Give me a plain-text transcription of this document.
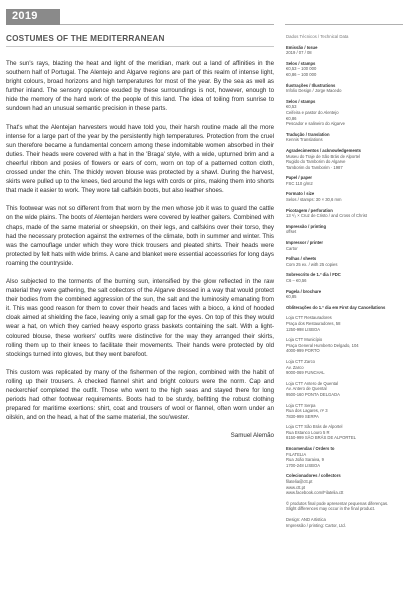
2019
COSTUMES OF THE MEDITERRANEAN

The sun's rays, blazing the heat and light of the meridian, mark out a land of affinities in the southern half of Portugal. The Alentejo and Algarve regions are part of this realm of intense light, bright colours, broad horizons and high temperatures for most of the year. By the sea as well as further inland. The sensory opulence exuded by these surroundings is not, however, enough to hide the memory of the hard work of the people of this land. The idea of toiling from sunrise to sundown had an unusual semantic precision in these parts.

That's what the Alentejan harvesters would have told you, their harsh routine made all the more intense for a large part of the year by the persistently high temperatures. Protection from the cruel sun therefore became a fundamental concern among these indomitable women absorbed in their duties. Their heads were covered with a hat in the 'Braga' style, with a wide, upturned brim and a cheerful ribbon and posies of flowers or ears of corn, worn on top of a patterned cotton cloth, crossed under the chin. The thickly woven blouse was protected by a shawl. During the harvest, skirts were pulled up to the knees, tied around the legs with cords or pins, making them into shorts that made it easier to work. They wore tall calfskin boots, but also leather shoes.

This footwear was not so different from that worn by the men whose job it was to guard the cattle on the wide plains. The boots of Alentejan herders were covered by leather gaiters. Combined with chaps, made of the same material or sheepskin, on their legs, and calfskins over their torso, they had the necessary protection against the extremes of the climate, both in summer and winter. This was the camouflage under which they wore thick trousers and pleated shirts. Their heads were protected by felt hats with wide brims. A cane and blanket were essential accessories for long days roaming the countryside.

Also subjected to the torments of the burning sun, intensified by the glow reflected in the raw material they were gathering, the salt collectors of the Algarve dressed in a way that would protect their bodies from the combined aggression of the sun, the salt and the luminosity emanating from it. This was good reason for them to cover their heads and faces with a bioco, a kind of hooded cloak aimed at shielding the face, leaving only a small gap for the eyes. On top of this they would wear a hat, on which they carried heavy esporto grass baskets containing the salt. With a light-coloured blouse, these workers' outfits were distinctive for the way they arranged their skirts, rolling them up to their knees to facilitate their movements. Their hands were protected by old stockings turned into gloves, but they went barefoot.

This custom was replicated by many of the fishermen of the region, combined with the habit of rolling up their trousers. A checked flannel shirt and bright colours were the norm. Cap and neckerchief completed the outfit. Those who went to the high seas and stayed there for long periods had other footwear requirements. Boots had to be sturdy, befitting the robust clothing prepared for maritime exertions: shirt, coat and trousers of wool or flannel, often worn under an oilskin, and on the head, a hat of the same material, the sou'wester.

Samuel Alemão
Dados Técnicos / Technical Data
Emissão / Issue
2019 / 07 / 08
Selos / stamps
€0,53 – 100 000
€0,86 – 100 000
Ilustrações / Illustrations
Infolio Design / Jorge Macedo
Selos / stamps
€0,53
Ceifeira e pastor do Alentejo
€0,86
Pescador e salineiro do Algarve
Tradução / translation
Kennis Translations
Agradecimentos / acknowledgements
Museu do Traje de São Brás de Alportel
Rugido do Tamborim do Algarve
Tamborim do Tamborim · 1987
Papel / paper
FSC 110 g/m2
Formato / size
Selos / stamps: 30 × 30,6 mm
Picotagem / perforation
13 ¹/₃ × Cruz de Cristo / and Cross of Christ
Impressão / printing
offset
Impressor / printer
Cartor
Folhas / sheets
Com 25 ex. / with 25 copies
Sobrescrito de 1.º dia / FDC
C6 – €0,56
Pagela / brochure
€0,85
Obliterações do 1.º dia em First day Cancellations
Loja CTT Restauradores
Praça dos Restauradores, 58
1250-998 LISBOA
Loja CTT Município
Praça General Humberto Delgado, 104
4000-999 PORTO
Loja CTT Zarco
Av. Zarco
9000-069 FUNCHAL
Loja CTT Antero de Quental
Av. Antero de Quental
9500-160 PONTA DELGADA
Loja CTT Serpa
Rua dos Lagares, nº 3
7830-999 SERPA
Loja CTT São Brás de Alportel
Rua Estanco Louro 5 R
8150-999 SÃO BRÁS DE ALPORTEL
Encomendas / Orders to
FILATELIA
Rua João Saraiva, 9
1700-248 LISBOA
Colecionadores / collectors
filatelia@ctt.pt
www.ctt.pt
www.facebook.com/Filatelia.ctt
© produtos final pode apresentar pequenas diferenças.
Slight differences may occur in the final product.
Design: AND Artistica
Impressão / printing: Cartor, Ltd.
